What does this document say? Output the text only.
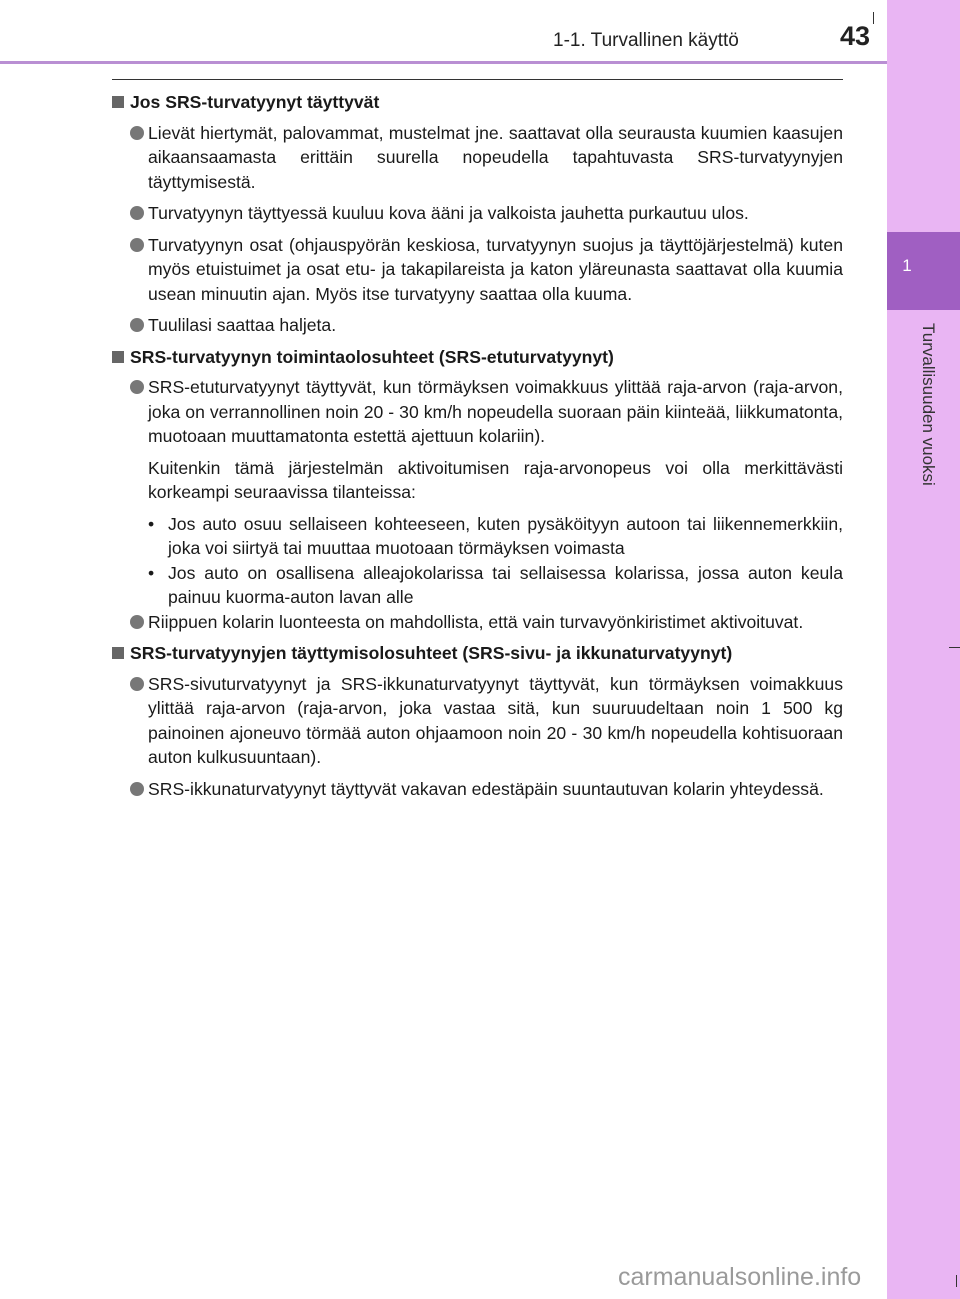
1-1. Turvallinen käyttö	43
1
Turvallisuuden vuoksi
Jos SRS-turvatyynyt täyttyvät
Lievät hiertymät, palovammat, mustelmat jne. saattavat olla seurausta kuumien kaasujen aikaansaamasta erittäin suurella nopeudella tapahtuvasta SRS-turvatyynyjen täyttymisestä.
Turvatyynyn täyttyessä kuuluu kova ääni ja valkoista jauhetta purkautuu ulos.
Turvatyynyn osat (ohjauspyörän keskiosa, turvatyynyn suojus ja täyttöjärjestelmä) kuten myös etuistuimet ja osat etu- ja takapilareista ja katon yläreunasta saattavat olla kuumia usean minuutin ajan. Myös itse turvatyyny saattaa olla kuuma.
Tuulilasi saattaa haljeta.
SRS-turvatyynyn toimintaolosuhteet (SRS-etuturvatyynyt)
SRS-etuturvatyynyt täyttyvät, kun törmäyksen voimakkuus ylittää raja-arvon (raja-arvon, joka on verrannollinen noin 20 - 30 km/h nopeudella suoraan päin kiinteää, liikkumatonta, muotoaan muuttamatonta estettä ajettuun kolariin).
Kuitenkin tämä järjestelmän aktivoitumisen raja-arvonopeus voi olla merkittävästi korkeampi seuraavissa tilanteissa:
• Jos auto osuu sellaiseen kohteeseen, kuten pysäköityyn autoon tai liikennemerkkiin, joka voi siirtyä tai muuttaa muotoaan törmäyksen voimasta
• Jos auto on osallisena alleajokolarissa tai sellaisessa kolarissa, jossa auton keula painuu kuorma-auton lavan alle
Riippuen kolarin luonteesta on mahdollista, että vain turvavyönkiristimet aktivoituvat.
SRS-turvatyynyjen täyttymisolosuhteet (SRS-sivu- ja ikkunaturvatyynyt)
SRS-sivuturvatyynyt ja SRS-ikkunaturvatyynyt täyttyvät, kun törmäyksen voimakkuus ylittää raja-arvon (raja-arvon, joka vastaa sitä, kun suuruudeltaan noin 1 500 kg painoinen ajoneuvo törmää auton ohjaamoon noin 20 - 30 km/h nopeudella kohtisuoraan auton kulkusuuntaan).
SRS-ikkunaturvatyynyt täyttyvät vakavan edestäpäin suuntautuvan kolarin yhteydessä.
carmanualsonline.info
